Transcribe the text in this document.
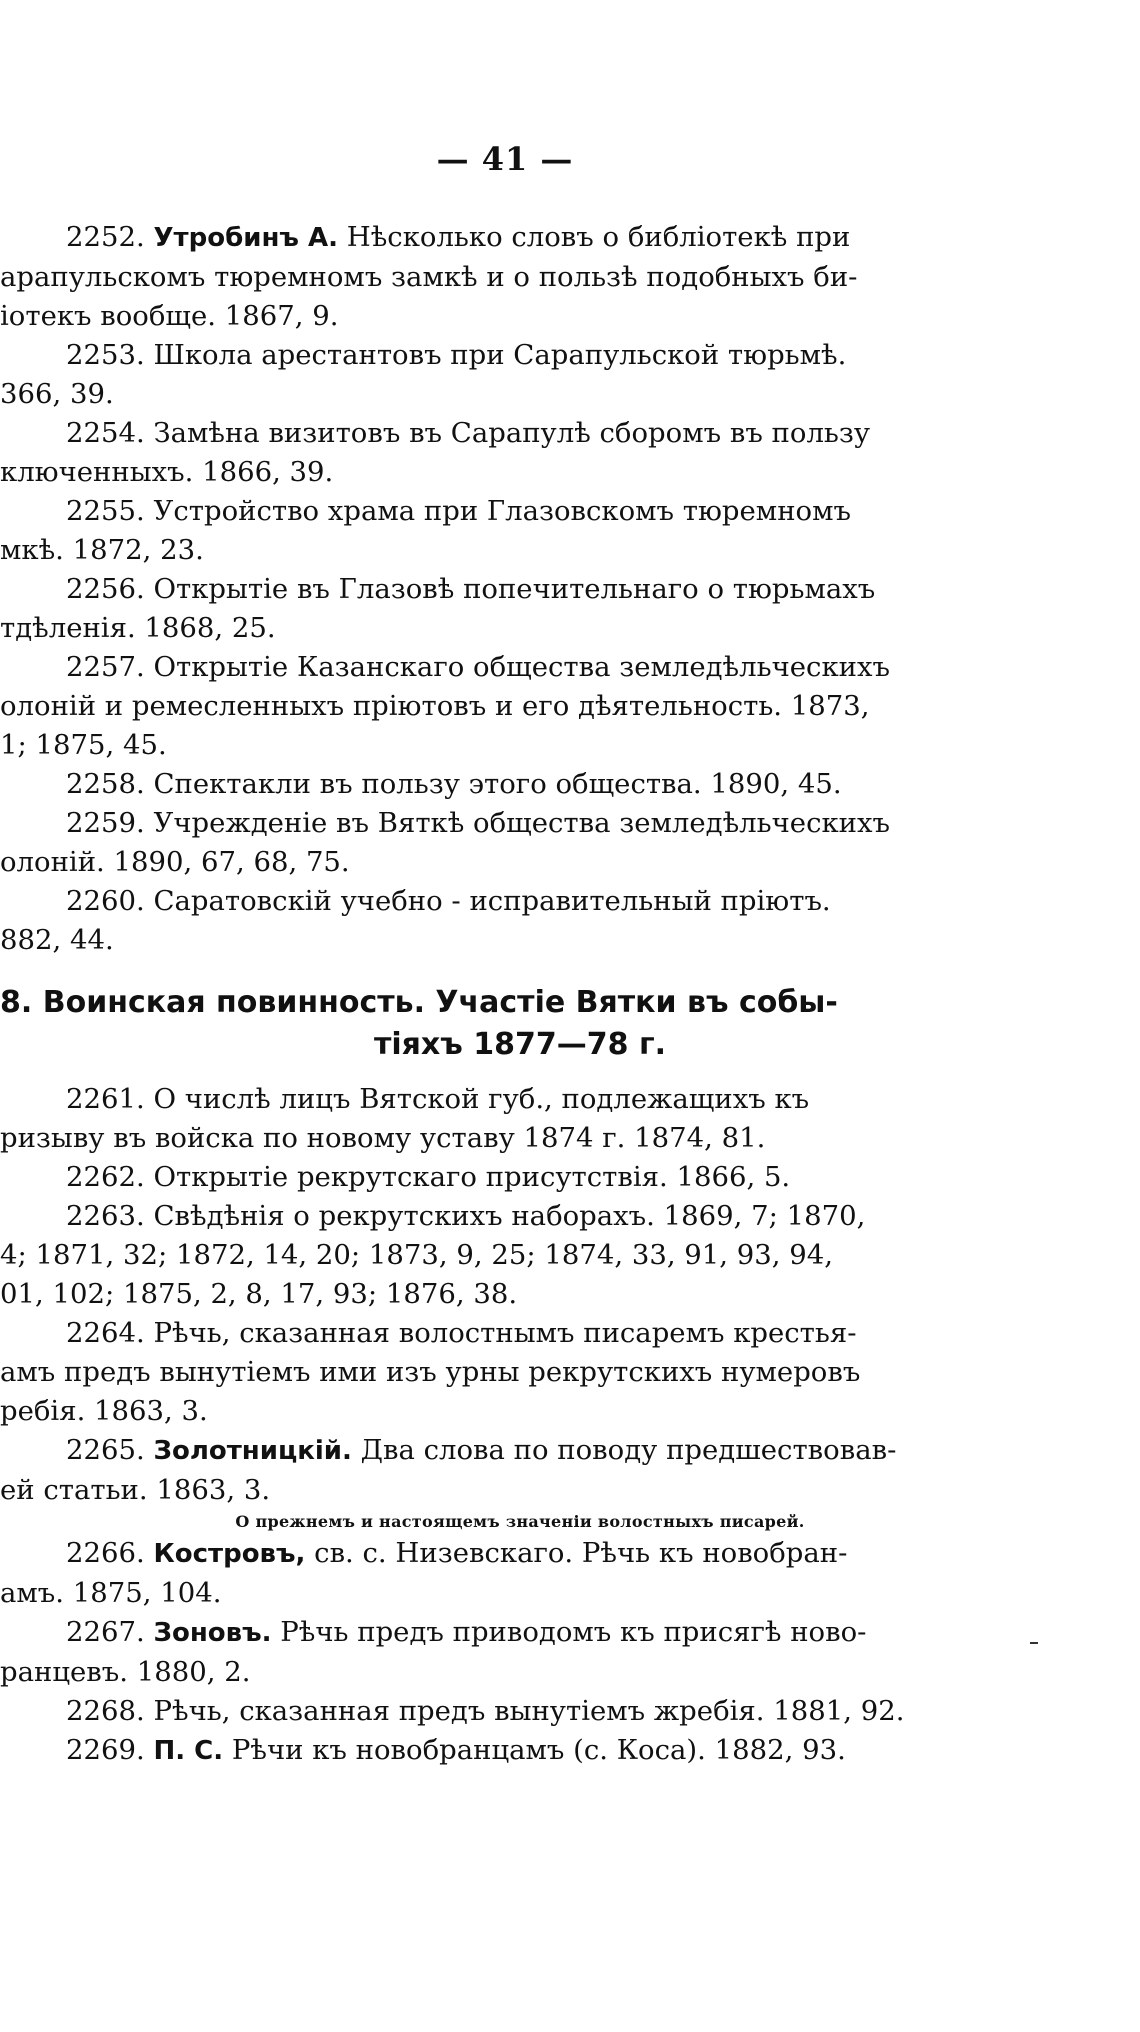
— 41 —
2252. Утробинъ А. Нѣсколько словъ о библіотекѣ при
арапульскомъ тюремномъ замкѣ и о пользѣ подобныхъ би-
іотекъ вообще. 1867, 9.
2253. Школа арестантовъ при Сарапульской тюрьмѣ.
366, 39.
2254. Замѣна визитовъ въ Сарапулѣ сборомъ въ пользу
ключенныхъ. 1866, 39.
2255. Устройство храма при Глазовскомъ тюремномъ
мкѣ. 1872, 23.
2256. Открытіе въ Глазовѣ попечительнаго о тюрьмахъ
тдѣленія. 1868, 25.
2257. Открытіе Казанскаго общества земледѣльческихъ
олоній и ремесленныхъ пріютовъ и его дѣятельность. 1873,
1; 1875, 45.
2258. Спектакли въ пользу этого общества. 1890, 45.
2259. Учрежденіе въ Вяткѣ общества земледѣльческихъ
олоній. 1890, 67, 68, 75.
2260. Саратовскій учебно - исправительный пріютъ.
882, 44.
8. Воинская повинность. Участіе Вятки въ собы-
тіяхъ 1877—78 г.
2261. О числѣ лицъ Вятской губ., подлежащихъ къ
ризыву въ войска по новому уставу 1874 г. 1874, 81.
2262. Открытіе рекрутскаго присутствія. 1866, 5.
2263. Свѣдѣнія о рекрутскихъ наборахъ. 1869, 7; 1870,
4; 1871, 32; 1872, 14, 20; 1873, 9, 25; 1874, 33, 91, 93, 94,
01, 102; 1875, 2, 8, 17, 93; 1876, 38.
2264. Рѣчь, сказанная волостнымъ писаремъ крестья-
амъ предъ вынутіемъ ими изъ урны рекрутскихъ нумеровъ
ребія. 1863, 3.
2265. Золотницкій. Два слова по поводу предшествовав-
ей статьи. 1863, 3.
О прежнемъ и настоящемъ значеніи волостныхъ писарей.
2266. Костровъ, св. с. Низевскаго. Рѣчь къ новобран-
амъ. 1875, 104.
2267. Зоновъ. Рѣчь предъ приводомъ къ присягѣ ново-
ранцевъ. 1880, 2.
2268. Рѣчь, сказанная предъ вынутіемъ жребія. 1881, 92.
2269. П. С. Рѣчи къ новобранцамъ (с. Коса). 1882, 93.
